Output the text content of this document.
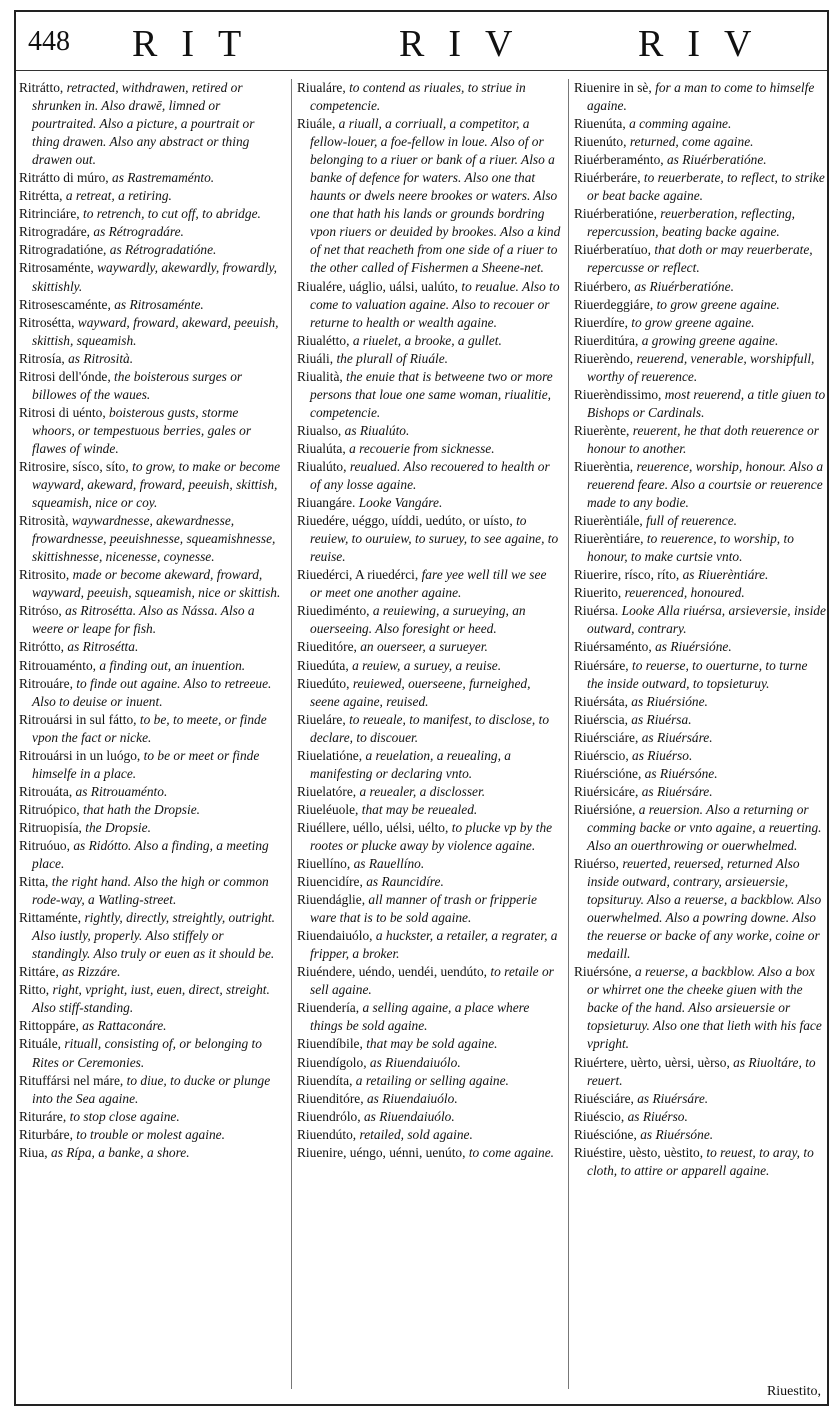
448 RIT	RIV	RIV

Ritrátto, retracted, withdrawen, retired or shrunken in. Also drawē, limned or pourtraited. Also a picture, a pourtrait or thing drawen. Also any abstract or thing drawen out.

Ritrátto di múro, as Rastremaménto.

Ritrétta, a retreat, a retiring.

Ritrinciáre, to retrench, to cut off, to abridge.

Ritrogradáre, as Rétrogradáre.

Ritrogradatióne, as Rétrogradatióne.

Ritrosaménte, waywardly, akewardly, frowardly, skittishly.

Ritrosescaménte, as Ritrosaménte.

Ritrosétta, wayward, froward, akeward, peeuish, skittish, squeamish.

Ritrosía, as Ritrosità.

Ritrosi dell'ónde, the boisterous surges or billowes of the waues.

Ritrosi di uénto, boisterous gusts, storme whoors, or tempestuous berries, gales or flawes of winde.

Ritrosire, sísco, síto, to grow, to make or become wayward, akeward, froward, peeuish, skittish, squeamish, nice or coy.

Ritrosità, waywardnesse, akewardnesse, frowardnesse, peeuishnesse, squeamishnesse, skittishnesse, nicenesse, coynesse.

Ritrosito, made or become akeward, froward, wayward, peeuish, squeamish, nice or skittish.

Ritróso, as Ritrosétta. Also as Nássa. Also a weere or leape for fish.

Ritrótto, as Ritrosétta.

Ritrouaménto, a finding out, an inuention.

Ritrouáre, to finde out againe. Also to retreeue. Also to deuise or inuent.

Ritrouársi in sul fátto, to be, to meete, or finde vpon the fact or nicke.

Ritrouársi in un luógo, to be or meet or finde himselfe in a place.

Ritrouáta, as Ritrouaménto.

Ritruópico, that hath the Dropsie.

Ritruopisía, the Dropsie.

Ritruóuo, as Ridótto. Also a finding, a meeting place.

Ritta, the right hand. Also the high or common rode-way, a Watling-street.

Rittaménte, rightly, directly, streightly, outright. Also iustly, properly. Also stiffely or standingly. Also truly or euen as it should be.

Rittáre, as Rizzáre.

Ritto, right, vpright, iust, euen, direct, streight. Also stiff-standing.

Rittoppáre, as Rattaconáre.

Rituále, rituall, consisting of, or belonging to Rites or Ceremonies.

Rituffársi nel máre, to diue, to ducke or plunge into the Sea againe.

Rituráre, to stop close againe.

Riturbáre, to trouble or molest againe.

Riua, as Rípa, a banke, a shore.

Riualáre, to contend as riuales, to striue in competencie.

Riuále, a riuall, a corriuall, a competitor, a fellow-louer, a foe-fellow in loue. Also of or belonging to a riuer or bank of a riuer. Also a banke of defence for waters. Also one that haunts or dwels neere brookes or waters. Also one that hath his lands or grounds bordring vpon riuers or deuided by brookes. Also a kind of net that reacheth from one side of a riuer to the other called of Fishermen a Sheene-net.

Riualére, uáglio, uálsi, ualúto, to reualue. Also to come to valuation againe. Also to recouer or returne to health or wealth againe.

Riualétto, a riuelet, a brooke, a gullet.

Riuáli, the plurall of Riuále.

Riualità, the enuie that is betweene two or more persons that loue one same woman, riualitie, competencie.

Riualso, as Riualúto.

Riualúta, a recouerie from sicknesse.

Riualúto, reualued. Also recouered to health or of any losse againe.

Riuangáre. Looke Vangáre.

Riuedére, uéggo, uíddi, uedúto, or uísto, to reuiew, to ouruiew, to suruey, to see againe, to reuise.

Riuedérci, A riuedérci, fare yee well till we see or meet one another againe.

Riuediménto, a reuiewing, a surueying, an ouerseeing. Also foresight or heed.

Riueditóre, an ouerseer, a surueyer.

Riuedúta, a reuiew, a suruey, a reuise.

Riuedúto, reuiewed, ouerseene, furneighed, seene againe, reuised.

Riueláre, to reueale, to manifest, to disclose, to declare, to discouer.

Riuelatióne, a reuelation, a reuealing, a manifesting or declaring vnto.

Riuelatóre, a reuealer, a disclosser.

Riueléuole, that may be reuealed.

Riuéllere, uéllo, uélsi, uélto, to plucke vp by the rootes or plucke away by violence againe.

Riuellíno, as Rauellíno.

Riuencidíre, as Rauncidíre.

Riuendáglie, all manner of trash or fripperie ware that is to be sold againe.

Riuendaiuólo, a huckster, a retailer, a regrater, a fripper, a broker.

Riuéndere, uéndo, uendéi, uendúto, to retaile or sell againe.

Riuendería, a selling againe, a place where things be sold againe.

Riuendíbile, that may be sold againe.

Riuendígolo, as Riuendaiuólo.

Riuendíta, a retailing or selling againe.

Riuenditóre, as Riuendaiuólo.

Riuendrólo, as Riuendaiuólo.

Riuendúto, retailed, sold againe.

Riuenire, uéngo, uénni, uenúto, to come againe.

Riuenire in sè, for a man to come to himselfe againe.

Riuenúta, a comming againe.

Riuenúto, returned, come againe.

Riuérberaménto, as Riuérberatióne.

Riuérberáre, to reuerberate, to reflect, to strike or beat backe againe.

Riuérberatióne, reuerberation, reflecting, repercussion, beating backe againe.

Riuérberatíuo, that doth or may reuerberate, repercusse or reflect.

Riuérbero, as Riuérberatióne.

Riuerdeggiáre, to grow greene againe.

Riuerdíre, to grow greene againe.

Riuerditúra, a growing greene againe.

Riuerèndo, reuerend, venerable, worshipfull, worthy of reuerence.

Riuerèndissimo, most reuerend, a title giuen to Bishops or Cardinals.

Riuerènte, reuerent, he that doth reuerence or honour to another.

Riuerèntia, reuerence, worship, honour. Also a reuerend feare. Also a courtsie or reuerence made to any bodie.

Riuerèntiále, full of reuerence.

Riuerèntiáre, to reuerence, to worship, to honour, to make curtsie vnto.

Riuerire, rísco, ríto, as Riuerèntiáre.

Riuerito, reuerenced, honoured.

Riuérsa. Looke Alla riuérsa, arsieversie, inside outward, contrary.

Riuérsaménto, as Riuérsióne.

Riuérsáre, to reuerse, to ouerturne, to turne the inside outward, to topsieturuy.

Riuérsáta, as Riuérsióne.

Riuérscia, as Riuérsa.

Riuérsciáre, as Riuérsáre.

Riuérscio, as Riuérso.

Riuérscióne, as Riuérsóne.

Riuérsicáre, as Riuérsáre.

Riuérsióne, a reuersion. Also a returning or comming backe or vnto againe, a reuerting. Also an ouerthrowing or ouerwhelmed.

Riuérso, reuerted, reuersed, returned Also inside outward, contrary, arsieuersie, topsituruy. Also a reuerse, a backblow. Also ouerwhelmed. Also a powring downe. Also the reuerse or backe of any worke, coine or medaill.

Riuérsóne, a reuerse, a backblow. Also a box or whirret one the cheeke giuen with the backe of the hand. Also arsieuersie or topsieturuy. Also one that lieth with his face vpright.

Riuértere, uèrto, uèrsi, uèrso, as Riuoltáre, to reuert.

Riuésciáre, as Riuérsáre.

Riuéscio, as Riuérso.

Riuéscióne, as Riuérsóne.

Riuéstire, uèsto, uèstito, to reuest, to aray, to cloth, to attire or apparell againe.

Riuestito,
